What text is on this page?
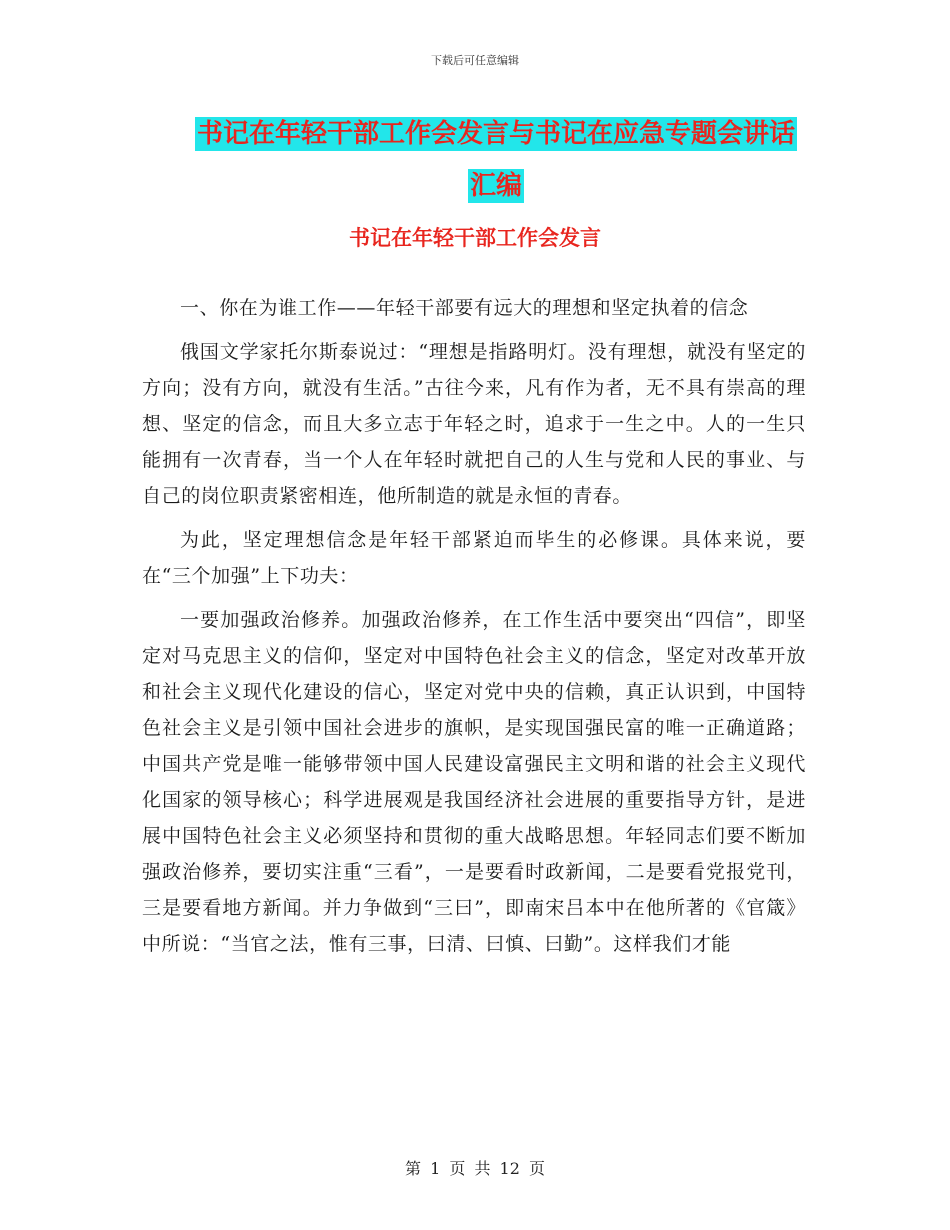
下载后可任意编辑
书记在年轻干部工作会发言与书记在应急专题会讲话
汇编
书记在年轻干部工作会发言

一、你在为谁工作——年轻干部要有远大的理想和坚定执着的信念

俄国文学家托尔斯泰说过：“理想是指路明灯。没有理想，就没有坚定的方向；没有方向，就没有生活。”古往今来，凡有作为者，无不具有崇高的理想、坚定的信念，而且大多立志于年轻之时，追求于一生之中。人的一生只能拥有一次青春，当一个人在年轻时就把自己的人生与党和人民的事业、与自己的岗位职责紧密相连，他所制造的就是永恒的青春。

为此，坚定理想信念是年轻干部紧迫而毕生的必修课。具体来说，要在“三个加强”上下功夫：

一要加强政治修养。加强政治修养，在工作生活中要突出“四信”，即坚定对马克思主义的信仰，坚定对中国特色社会主义的信念，坚定对改革开放和社会主义现代化建设的信心，坚定对党中央的信赖，真正认识到，中国特色社会主义是引领中国社会进步的旗帜，是实现国强民富的唯一正确道路；中国共产党是唯一能够带领中国人民建设富强民主文明和谐的社会主义现代化国家的领导核心；科学进展观是我国经济社会进展的重要指导方针，是进展中国特色社会主义必须坚持和贯彻的重大战略思想。年轻同志们要不断加强政治修养，要切实注重“三看”，一是要看时政新闻，二是要看党报党刊，三是要看地方新闻。并力争做到“三曰”，即南宋吕本中在他所著的《官箴》中所说：“当官之法，惟有三事，曰清、曰慎、曰勤”。这样我们才能

第 1 页 共 12 页
